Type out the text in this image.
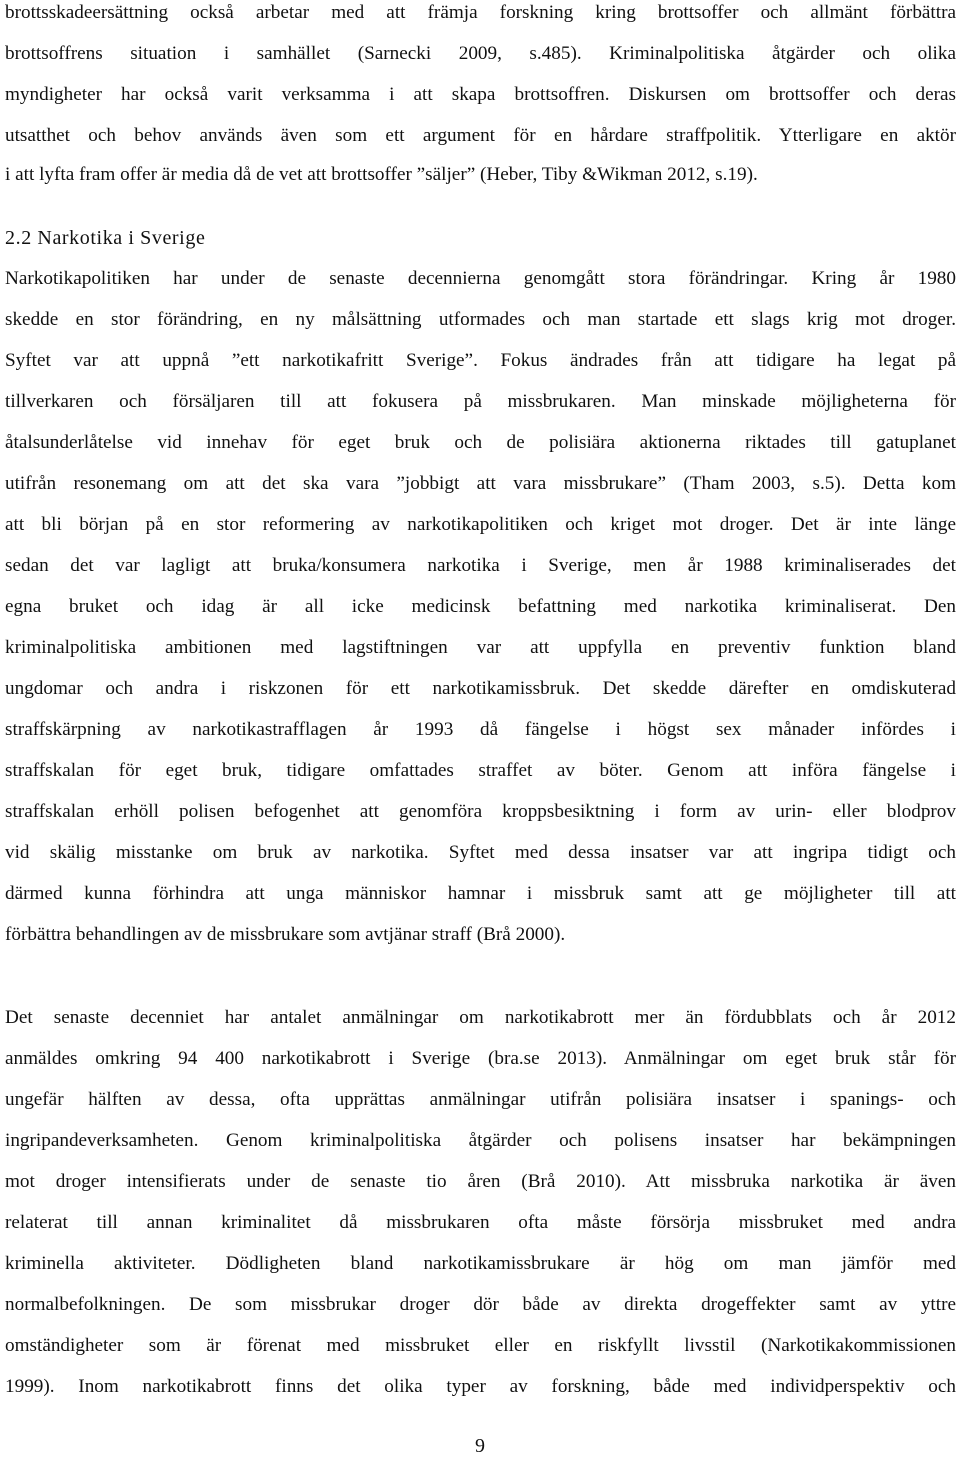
brottsskadeersättning också arbetar med att främja forskning kring brottsoffer och allmänt förbättra
brottsoffrens situation i samhället (Sarnecki 2009, s.485). Kriminalpolitiska åtgärder och olika
myndigheter har också varit verksamma i att skapa brottsoffren. Diskursen om brottsoffer och deras
utsatthet och behov används även som ett argument för en hårdare straffpolitik. Ytterligare en aktör
i att lyfta fram offer är media då de vet att brottsoffer ”säljer” (Heber, Tiby &Wikman 2012, s.19).
2.2 Narkotika i Sverige
Narkotikapolitiken har under de senaste decennierna genomgått stora förändringar. Kring år 1980
skedde en stor förändring, en ny målsättning utformades och man startade ett slags krig mot droger.
Syftet var att uppnå ”ett narkotikafritt Sverige”. Fokus ändrades från att tidigare ha legat på
tillverkaren och försäljaren till att fokusera på missbrukaren. Man minskade möjligheterna för
åtalsunderlåtelse vid innehav för eget bruk och de polisiära aktionerna riktades till gatuplanet
utifrån resonemang om att det ska vara ”jobbigt att vara missbrukare” (Tham 2003, s.5). Detta kom
att bli början på en stor reformering av narkotikapolitiken och kriget mot droger. Det är inte länge
sedan det var lagligt att bruka/konsumera narkotika i Sverige, men år 1988 kriminaliserades det
egna bruket och idag är all icke medicinsk befattning med narkotika kriminaliserat. Den
kriminalpolitiska ambitionen med lagstiftningen var att uppfylla en preventiv funktion bland
ungdomar och andra i riskzonen för ett narkotikamissbruk. Det skedde därefter en omdiskuterad
straffskärpning av narkotikastrafflagen år 1993 då fängelse i högst sex månader infördes i
straffskalan för eget bruk, tidigare omfattades straffet av böter. Genom att införa fängelse i
straffskalan erhöll polisen befogenhet att genomföra kroppsbesiktning i form av urin- eller blodprov
vid skälig misstanke om bruk av narkotika. Syftet med dessa insatser var att ingripa tidigt och
därmed kunna förhindra att unga människor hamnar i missbruk samt att ge möjligheter till att
förbättra behandlingen av de missbrukare som avtjänar straff (Brå 2000).
Det senaste decenniet har antalet anmälningar om narkotikabrott mer än fördubblats och år 2012
anmäldes omkring 94 400 narkotikabrott i Sverige (bra.se 2013). Anmälningar om eget bruk står för
ungefär hälften av dessa, ofta upprättas anmälningar utifrån polisiära insatser i spanings- och
ingripandeverksamheten. Genom kriminalpolitiska åtgärder och polisens insatser har bekämpningen
mot droger intensifierats under de senaste tio åren (Brå 2010). Att missbruka narkotika är även
relaterat till annan kriminalitet då missbrukaren ofta måste försörja missbruket med andra
kriminella aktiviteter. Dödligheten bland narkotikamissbrukare är hög om man jämför med
normalbefolkningen. De som missbrukar droger dör både av direkta drogeffekter samt av yttre
omständigheter som är förenat med missbruket eller en riskfyllt livsstil (Narkotikakommissionen
1999). Inom narkotikabrott finns det olika typer av forskning, både med individperspektiv och
9
